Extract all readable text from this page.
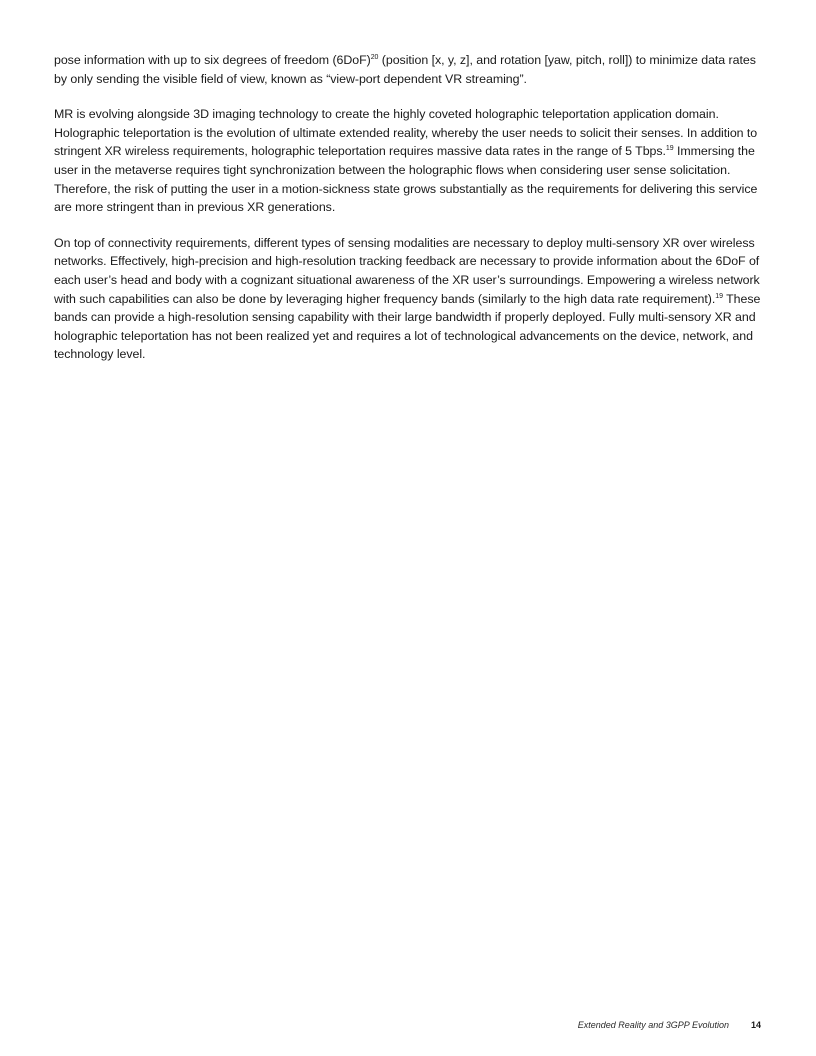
pose information with up to six degrees of freedom $(6DoF)^{20}$ (position [x, y, z], and rotation [yaw, pitch, roll]) to minimize data rates by only sending the visible field of view, known as “view-port dependent VR streaming”.

MR is evolving alongside 3D imaging technology to create the highly coveted holographic teleportation application domain. Holographic teleportation is the evolution of ultimate extended reality, whereby the user needs to solicit their senses. In addition to stringent XR wireless requirements, holographic teleportation requires massive data rates in the range of 5 Tbps.$^{19}$ Immersing the user in the metaverse requires tight synchronization between the holographic flows when considering user sense solicitation. Therefore, the risk of putting the user in a motion-sickness state grows substantially as the requirements for delivering this service are more stringent than in previous XR generations.

On top of connectivity requirements, different types of sensing modalities are necessary to deploy multi-sensory XR over wireless networks. Effectively, high-precision and high-resolution tracking feedback are necessary to provide information about the 6DoF of each user’s head and body with a cognizant situational awareness of the XR user’s surroundings. Empowering a wireless network with such capabilities can also be done by leveraging higher frequency bands (similarly to the high data rate requirement).$^{19}$ These bands can provide a high-resolution sensing capability with their large bandwidth if properly deployed. Fully multi-sensory XR and holographic teleportation has not been realized yet and requires a lot of technological advancements on the device, network, and technology level.

Extended Reality and 3GPP Evolution 14
